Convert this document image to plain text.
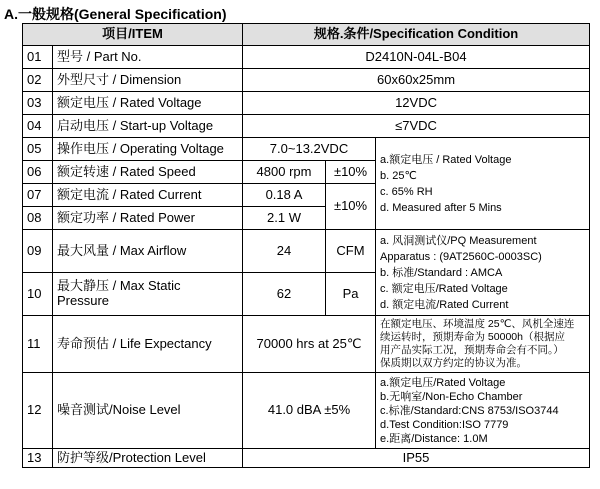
A.一般规格(General Specification)
项目/ITEM		规格.条件/Specification Condition		
01	型号 / Part No.	D2410N-04L-B04		
02	外型尺寸 / Dimension	60x60x25mm		
03	额定电压 / Rated Voltage	12VDC		
04	启动电压 / Start-up Voltage	≤7VDC		
05	操作电压 / Operating Voltage	7.0~13.2VDC		a.额定电压 / Rated Voltage
b. 25℃
c. 65% RH
d. Measured after 5 Mins

06	额定转速 / Rated Speed	4800 rpm	±10%	
07	额定电流 / Rated Current	0.18 A	±10%	
08	额定功率 / Rated Power	2.1 W		
09	最大风量 / Max Airflow	24	CFM	a. 风洞测试仪/PQ Measurement
Apparatus : (9AT2560C-0003SC)
b. 标准/Standard : AMCA
c. 额定电压/Rated Voltage
d. 额定电流/Rated Current

10	最大静压 / Max Static
Pressure	62	Pa	
11	寿命预估 / Life Expectancy	70000 hrs at 25℃		在额定电压、环境温度 25℃、风机全速连
续运转时，预期寿命为 50000h（根据应
用产品实际工况，预期寿命会有不同。）
保质期以双方约定的协议为准。

12	噪音测试/Noise Level	41.0 dBA ±5%		a.额定电压/Rated Voltage
b.无响室/Non-Echo Chamber
c.标准/Standard:CNS 8753/ISO3744
d.Test Condition:ISO 7779
e.距离/Distance: 1.0M

13	防护等级/Protection Level	IP55		
